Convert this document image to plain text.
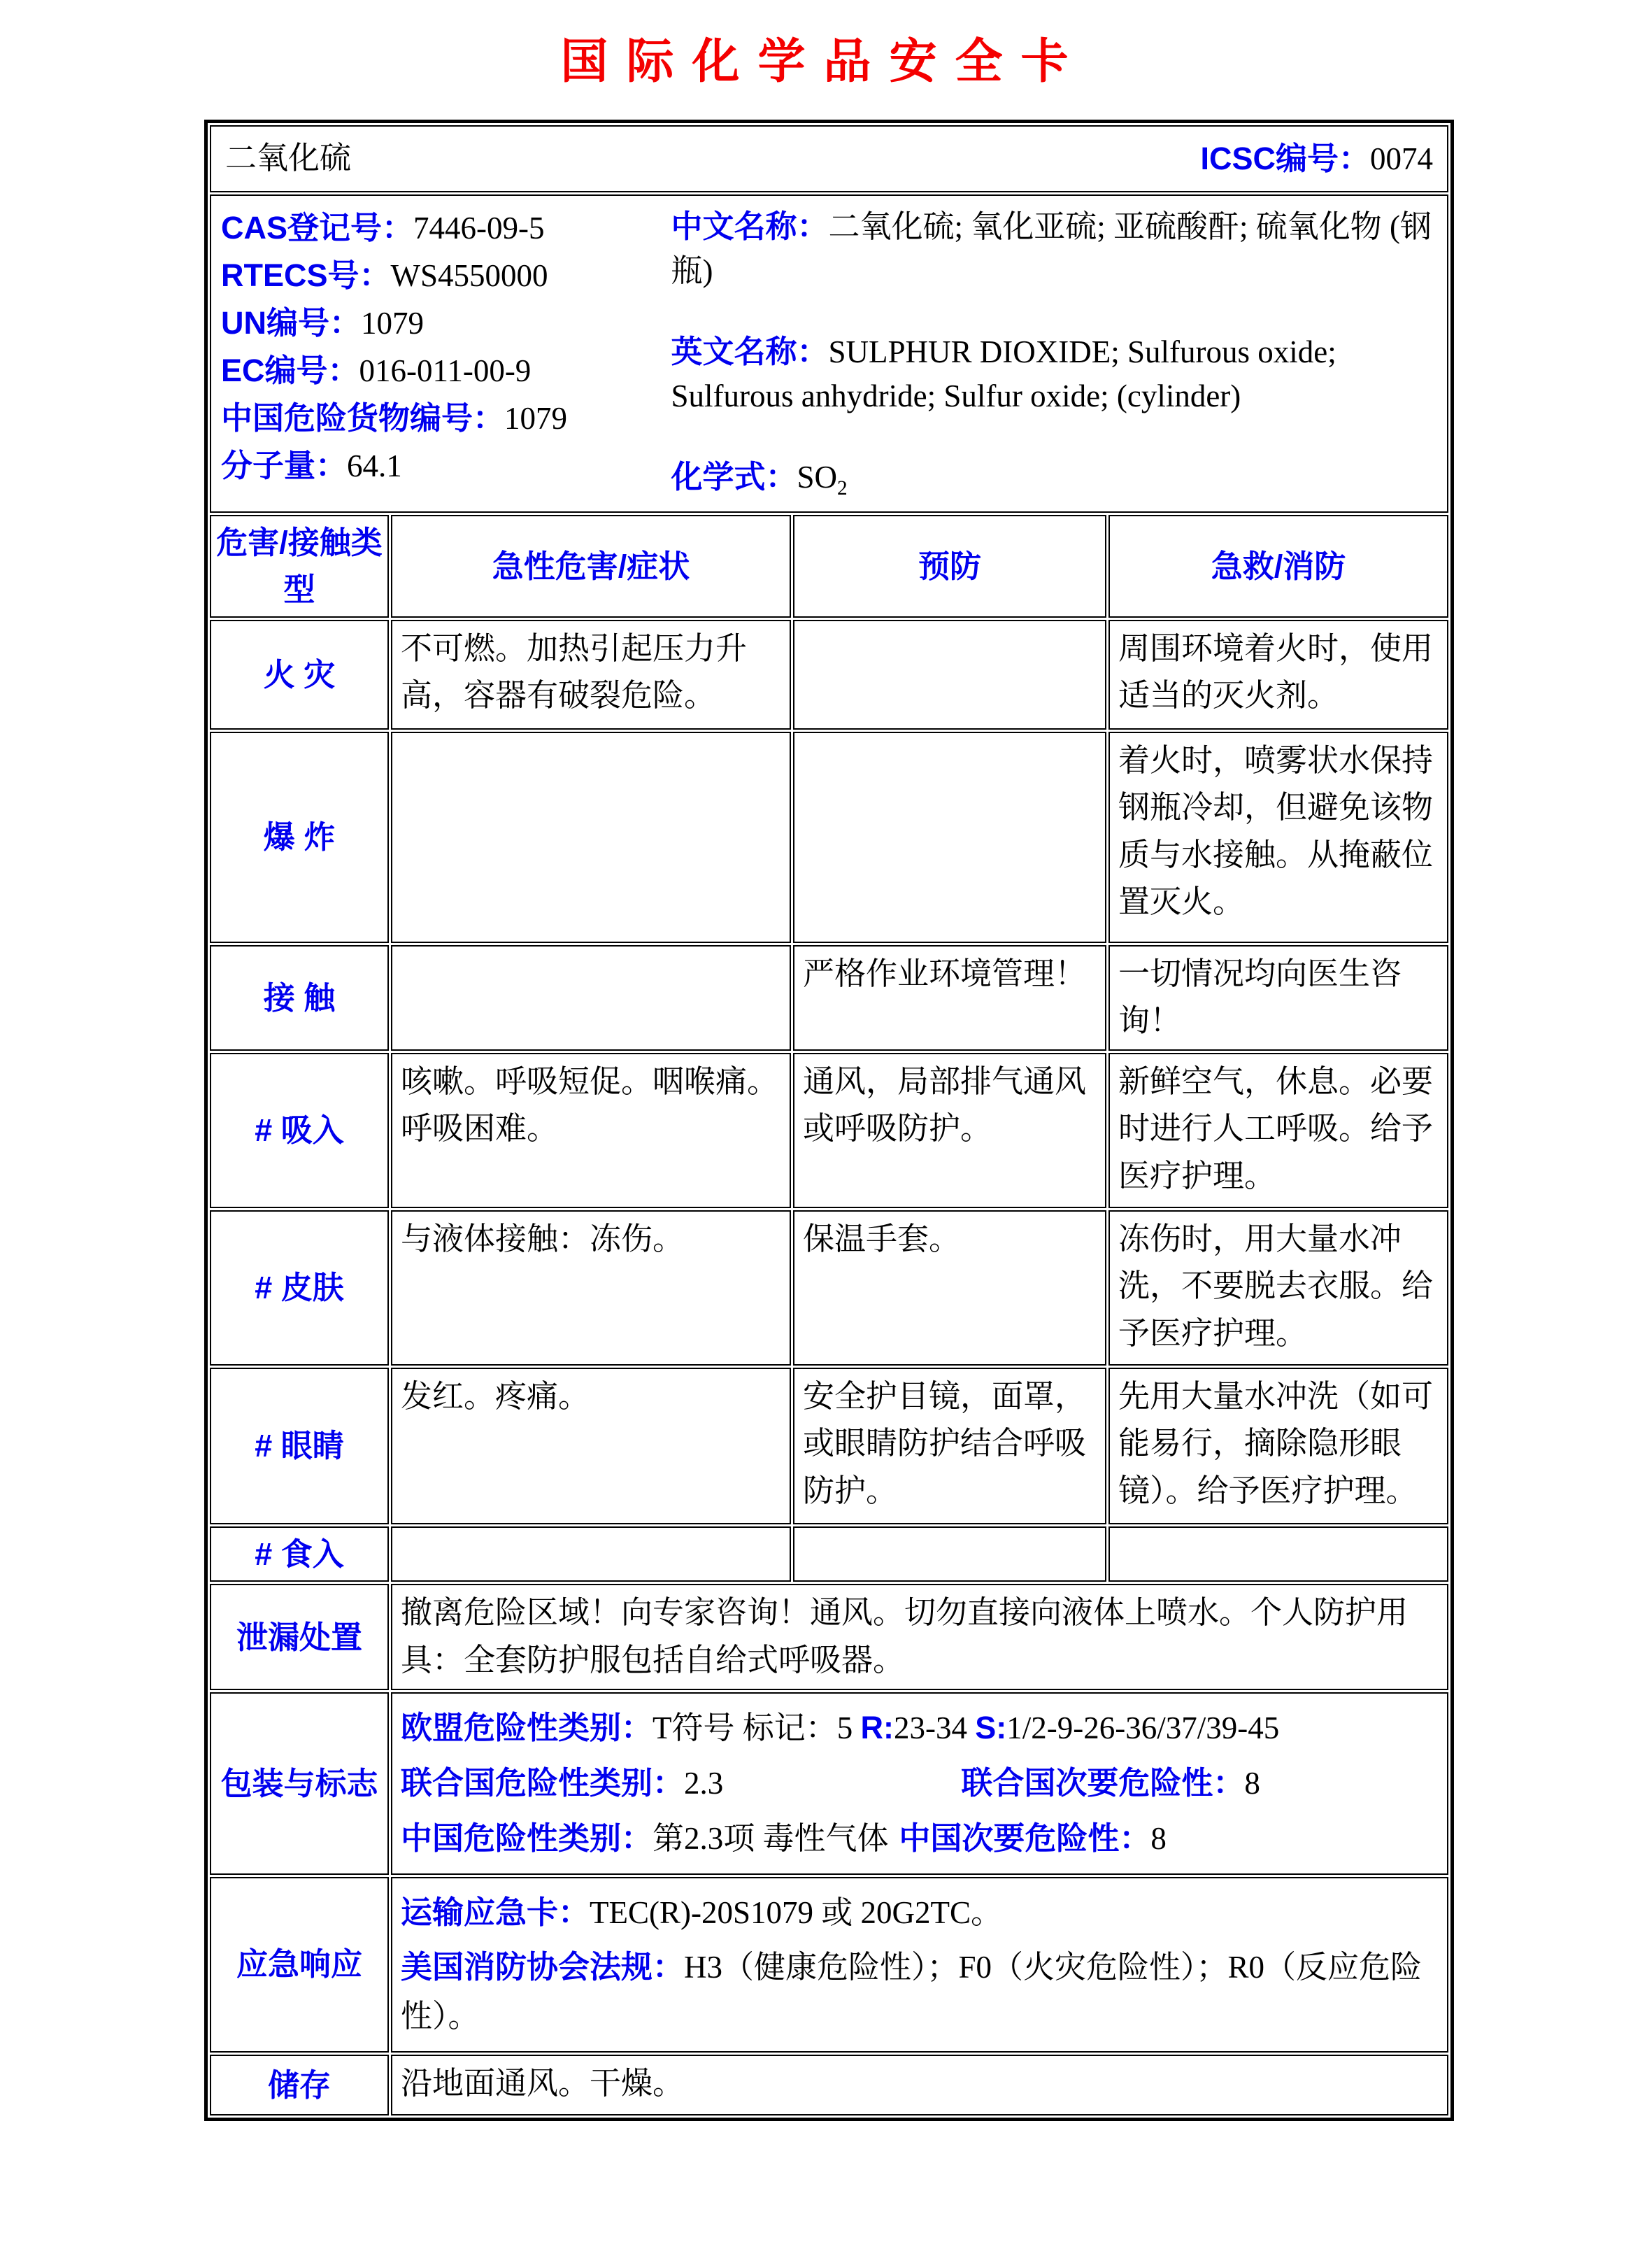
国际化学品安全卡
二氧化硫 ICSC编号：0074			

CAS登记号：7446-09-5

RTECS号：WS4550000

UN编号：1079

EC编号：016-011-00-9

中国危险货物编号：1079

分子量：64.1

中文名称：二氧化硫; 氧化亚硫; 亚硫酸酐; 硫氧化物 (钢瓶)

英文名称：SULPHUR DIOXIDE; Sulfurous oxide; Sulfurous anhydride; Sulfur oxide; (cylinder)

化学式：$SO_2$

危害/接触类型	急性危害/症状	预防	急救/消防
火 灾	不可燃。加热引起压力升高，容器有破裂危险。		周围环境着火时，使用适当的灭火剂。
爆 炸			着火时，喷雾状水保持钢瓶冷却，但避免该物质与水接触。从掩蔽位置灭火。
接 触		严格作业环境管理！	一切情况均向医生咨询！
# 吸入	咳嗽。呼吸短促。咽喉痛。呼吸困难。	通风，局部排气通风或呼吸防护。	新鲜空气，休息。必要时进行人工呼吸。给予医疗护理。
# 皮肤	与液体接触：冻伤。	保温手套。	冻伤时，用大量水冲洗，不要脱去衣服。给予医疗护理。
# 眼睛	发红。疼痛。	安全护目镜，面罩，或眼睛防护结合呼吸防护。	先用大量水冲洗（如可能易行，摘除隐形眼镜）。给予医疗护理。
# 食入			
泄漏处置	撤离危险区域！向专家咨询！通风。切勿直接向液体上喷水。个人防护用具：全套防护服包括自给式呼吸器。		
包装与标志	欧盟危险性类别：T符号 标记：5 R:23-34 S:1/2-9-26-36/37/39-45
联合国危险性类别：2.3 联合国次要危险性：8
中国危险性类别：第2.3项 毒性气体 中国次要危险性：8		

应急响应	运输应急卡：TEC(R)-20S1079 或 20G2TC。
美国消防协会法规：H3（健康危险性）；F0（火灾危险性）；R0（反应危险性）。		

储存	沿地面通风。干燥。		
